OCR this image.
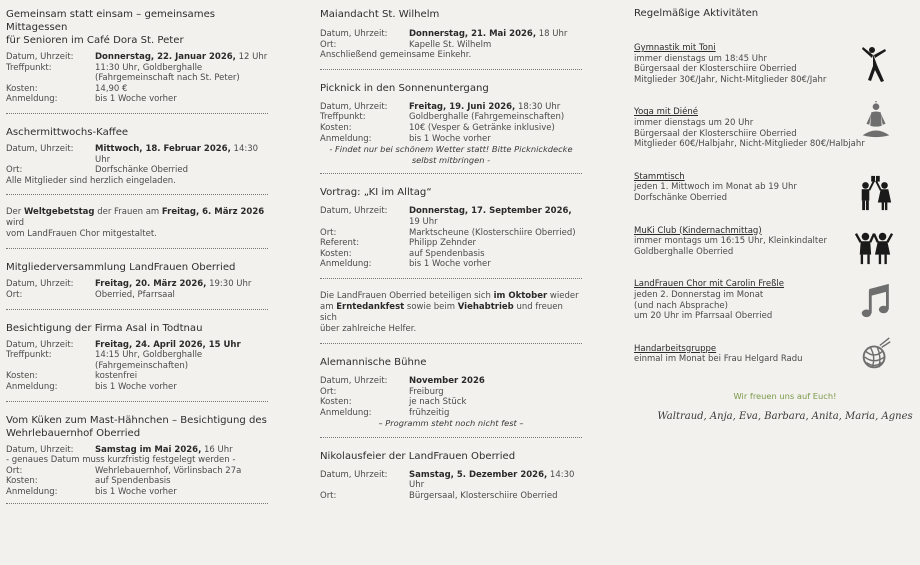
Gemeinsam statt einsam – gemeinsames Mittagessen
für Senioren im Café Dora St. Peter
Datum, Uhrzeit:	Donnerstag, 22. Januar 2026, 12 Uhr
Treffpunkt:	11:30 Uhr, Goldberghalle
(Fahrgemeinschaft nach St. Peter)
Kosten:	14,90 €
Anmeldung:	bis 1 Woche vorher
Aschermittwochs-Kaffee
Datum, Uhrzeit:	Mittwoch, 18. Februar 2026, 14:30 Uhr
Ort:	Dorfschänke Oberried
Alle Mitglieder sind herzlich eingeladen.
Der Weltgebetstag der Frauen am Freitag, 6. März 2026 wird
vom LandFrauen Chor mitgestaltet.
Mitgliederversammlung LandFrauen Oberried
Datum, Uhrzeit:	Freitag, 20. März 2026, 19:30 Uhr
Ort:	Oberried, Pfarrsaal
Besichtigung der Firma Asal in Todtnau
Datum, Uhrzeit:	Freitag, 24. April 2026, 15 Uhr
Treffpunkt:	14:15 Uhr, Goldberghalle
(Fahrgemeinschaften)
Kosten:	kostenfrei
Anmeldung:	bis 1 Woche vorher
Vom Küken zum Mast-Hähnchen – Besichtigung des
Wehrlebauernhof Oberried
Datum, Uhrzeit:	Samstag im Mai 2026, 16 Uhr
- genaues Datum muss kurzfristig festgelegt werden -
Ort:	Wehrlebauernhof, Vörlinsbach 27a
Kosten:	auf Spendenbasis
Anmeldung:	bis 1 Woche vorher
Maiandacht St. Wilhelm
Datum, Uhrzeit:	Donnerstag, 21. Mai 2026, 18 Uhr
Ort:	Kapelle St. Wilhelm
Anschließend gemeinsame Einkehr.
Picknick in den Sonnenuntergang
Datum, Uhrzeit:	Freitag, 19. Juni 2026, 18:30 Uhr
Treffpunkt:	Goldberghalle (Fahrgemeinschaften)
Kosten:	10€ (Vesper & Getränke inklusive)
Anmeldung:	bis 1 Woche vorher
- Findet nur bei schönem Wetter statt! Bitte Picknickdecke
selbst mitbringen -
Vortrag: „KI im Alltag“
Datum, Uhrzeit:	Donnerstag, 17. September 2026, 19 Uhr
Ort:	Marktscheune (Klosterschiire Oberried)
Referent:	Philipp Zehnder
Kosten:	auf Spendenbasis
Anmeldung:	bis 1 Woche vorher
Die LandFrauen Oberried beteiligen sich im Oktober wieder
am Erntedankfest sowie beim Viehabtrieb und freuen sich
über zahlreiche Helfer.
Alemannische Bühne
Datum, Uhrzeit:	November 2026
Ort:	Freiburg
Kosten:	je nach Stück
Anmeldung:	frühzeitig
– Programm steht noch nicht fest –
Nikolausfeier der LandFrauen Oberried
Datum, Uhrzeit:	Samstag, 5. Dezember 2026, 14:30 Uhr
Ort:	Bürgersaal, Klosterschiire Oberried
Regelmäßige Aktivitäten
Gymnastik mit Toni
immer dienstags um 18:45 Uhr
Bürgersaal der Klosterschiire Oberried
Mitglieder 30€/Jahr, Nicht-Mitglieder 80€/Jahr
Yoga mit Diéné
immer dienstags um 20 Uhr
Bürgersaal der Klosterschiire Oberried
Mitglieder 60€/Halbjahr, Nicht-Mitglieder 80€/Halbjahr
Stammtisch
jeden 1. Mittwoch im Monat ab 19 Uhr
Dorfschänke Oberried
MuKi Club (Kindernachmittag)
immer montags um 16:15 Uhr, Kleinkindalter
Goldberghalle Oberried
LandFrauen Chor mit Carolin Freßle
jeden 2. Donnerstag im Monat
(und nach Absprache)
um 20 Uhr im Pfarrsaal Oberried
Handarbeitsgruppe
einmal im Monat bei Frau Helgard Radu
Wir freuen uns auf Euch!
Waltraud, Anja, Eva, Barbara, Anita, Maria, Agnes
